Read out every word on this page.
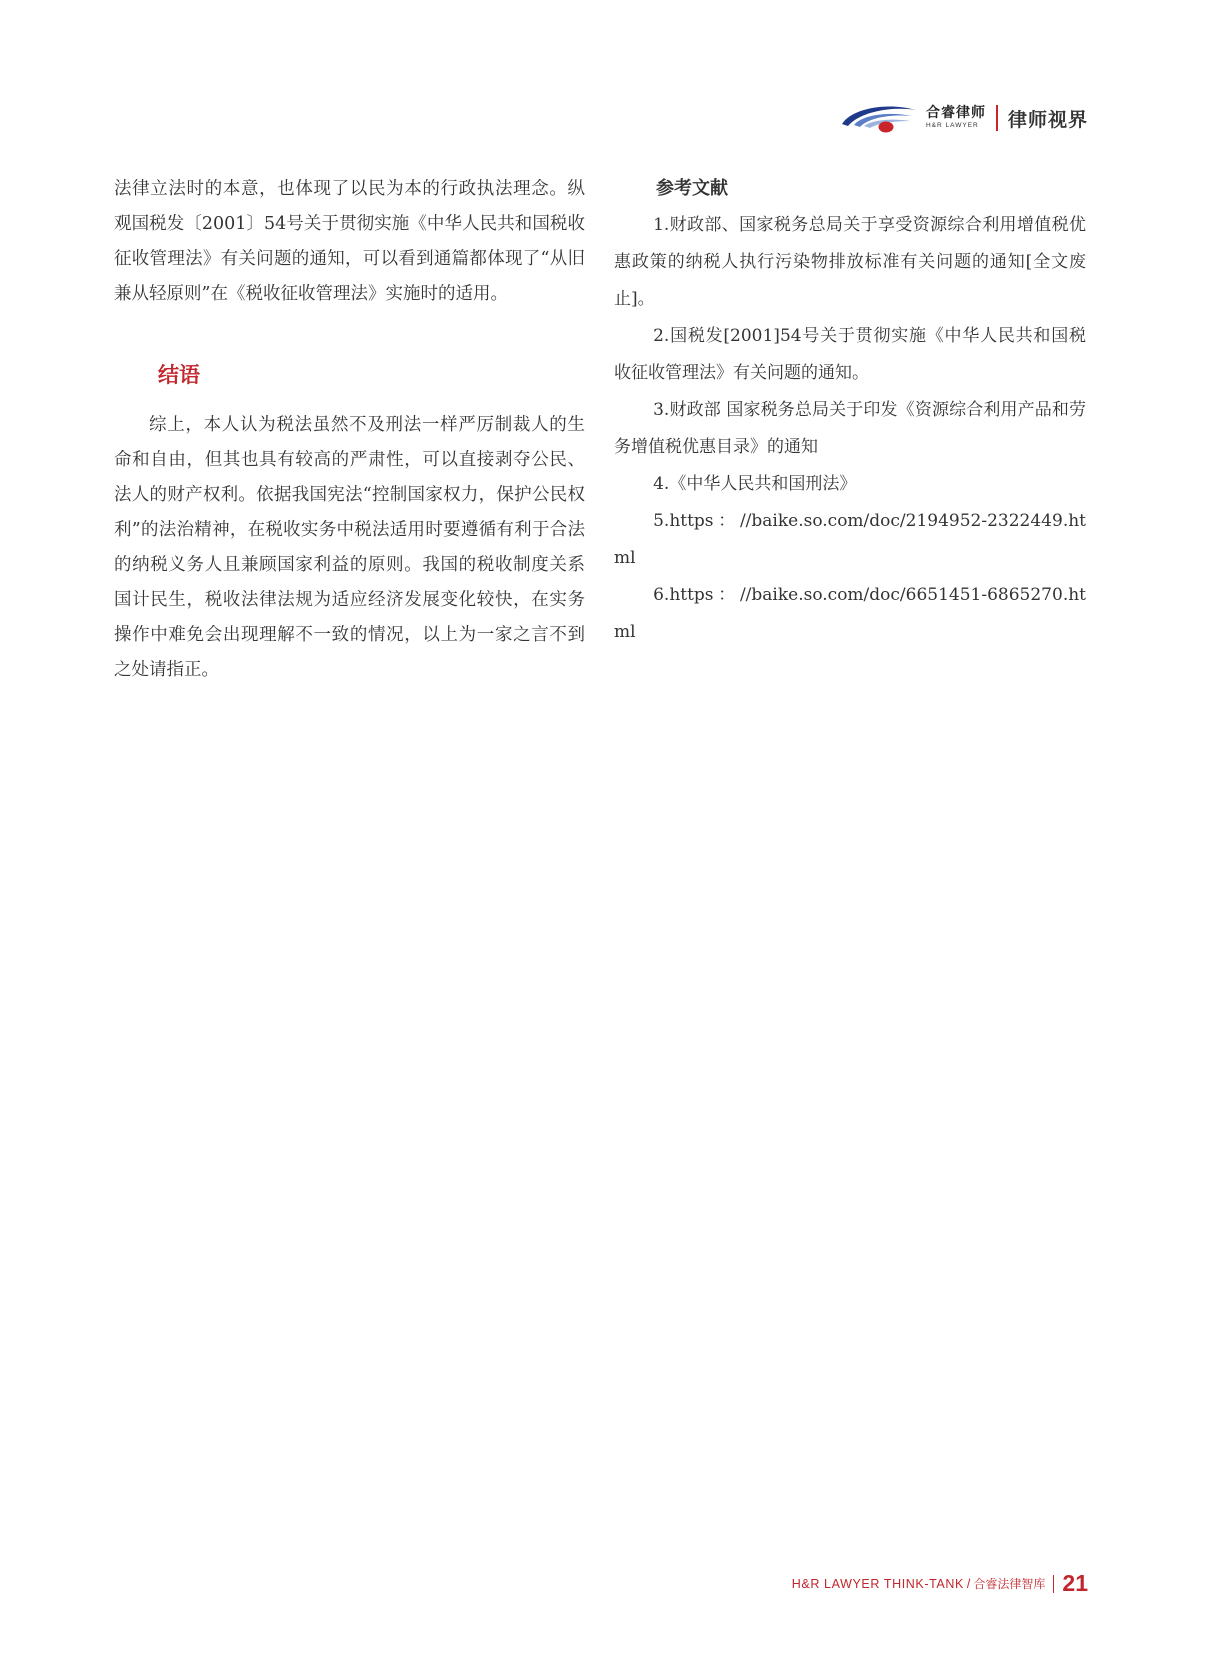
合睿律师
H&R LAWYER	律师视界

法律立法时的本意，也体现了以民为本的行政执法理念。纵观国税发〔2001〕54号关于贯彻实施《中华人民共和国税收征收管理法》有关问题的通知，可以看到通篇都体现了“从旧兼从轻原则”在《税收征收管理法》实施时的适用。

结语

综上，本人认为税法虽然不及刑法一样严厉制裁人的生命和自由，但其也具有较高的严肃性，可以直接剥夺公民、法人的财产权利。依据我国宪法“控制国家权力，保护公民权利”的法治精神，在税收实务中税法适用时要遵循有利于合法的纳税义务人且兼顾国家利益的原则。我国的税收制度关系国计民生，税收法律法规为适应经济发展变化较快，在实务操作中难免会出现理解不一致的情况，以上为一家之言不到之处请指正。

参考文献
1.财政部、国家税务总局关于享受资源综合利用增值税优惠政策的纳税人执行污染物排放标准有关问题的通知[全文废止]。
2.国税发[2001]54号关于贯彻实施《中华人民共和国税收征收管理法》有关问题的通知。
3.财政部 国家税务总局关于印发《资源综合利用产品和劳务增值税优惠目录》的通知
4.《中华人民共和国刑法》
5.https：//baike.so.com/doc/2194952-2322449.html
6.https：//baike.so.com/doc/6651451-6865270.html
H&R LAWYER THINK-TANK / 合睿法律智库 21
